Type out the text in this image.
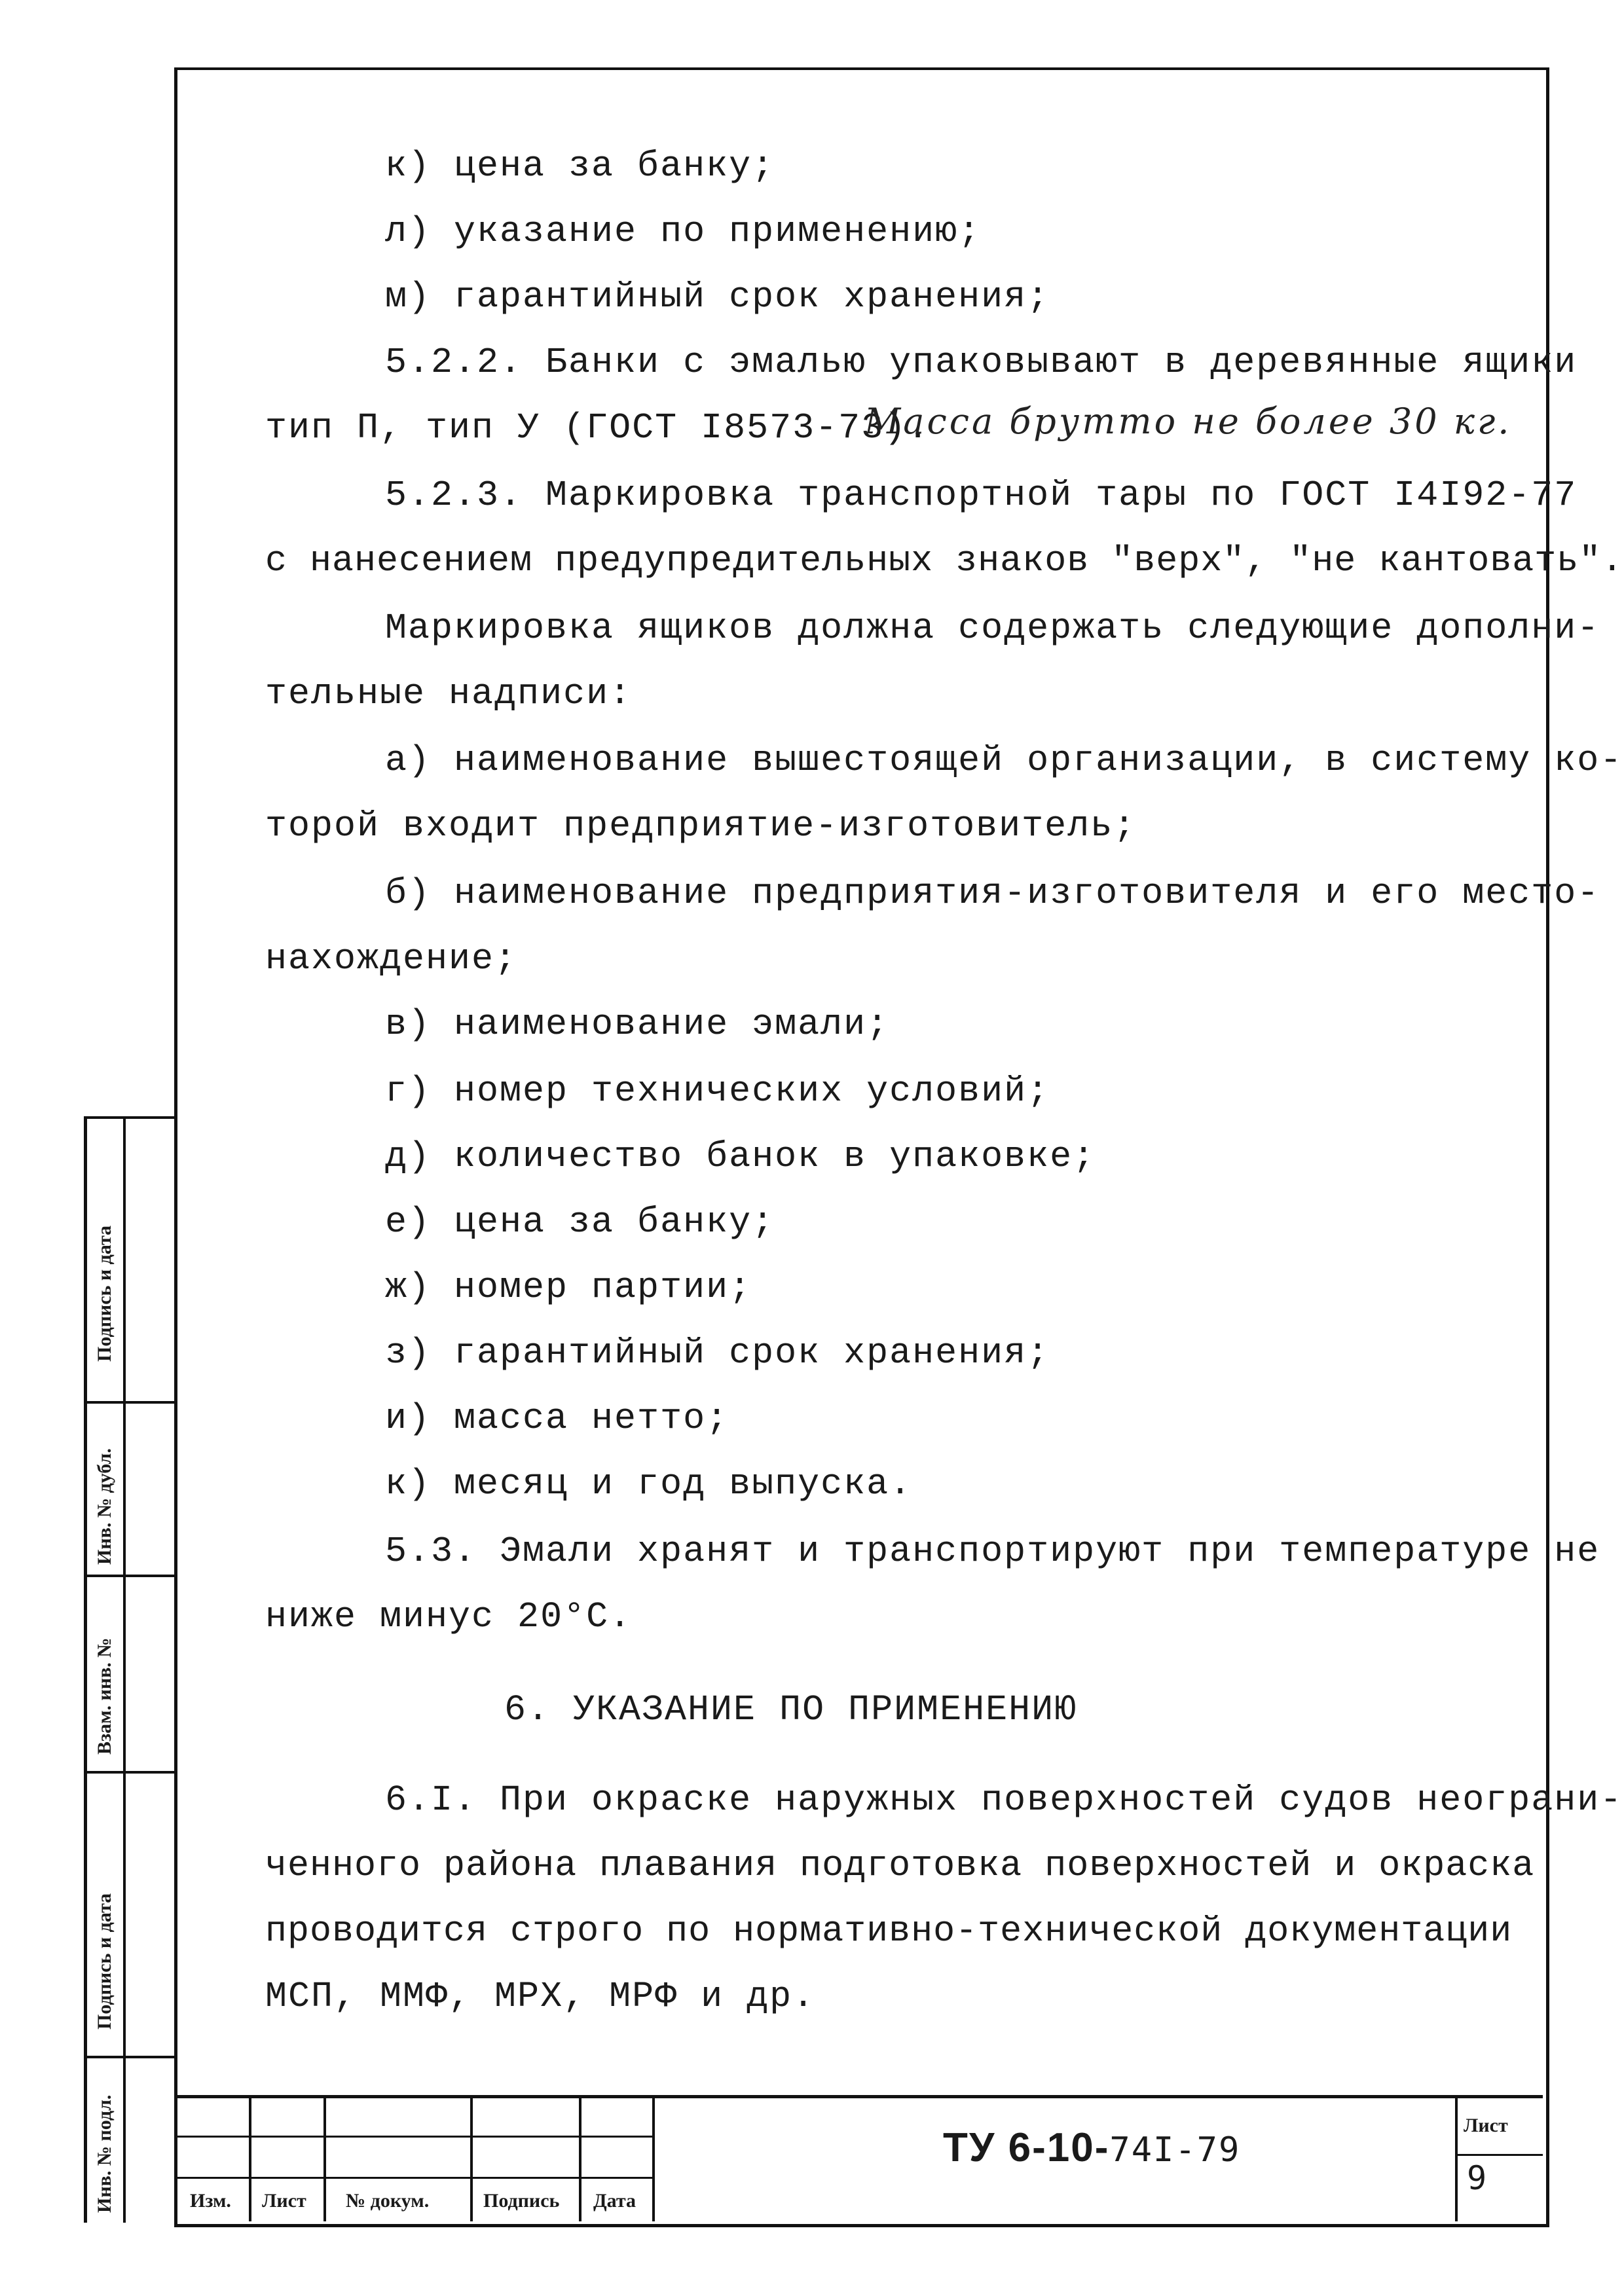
Подпись и дата
Инв. № дубл.
Взам. инв. №
Подпись и дата
Инв. № подл.
к) цена за банку;
л) указание по применению;
м) гарантийный срок хранения;
5.2.2. Банки с эмалью упаковывают в деревянные ящики
тип П, тип У (ГОСТ I8573-73).
Масса брутто не более 30 кг.
5.2.3. Маркировка транспортной тары по ГОСТ I4I92-77
с нанесением предупредительных знаков "верх", "не кантовать".
Маркировка ящиков должна содержать следующие дополни-
тельные надписи:
а) наименование вышестоящей организации, в систему ко-
торой входит предприятие-изготовитель;
б) наименование предприятия-изготовителя и его место-
нахождение;
в) наименование эмали;
г) номер технических условий;
д) количество банок в упаковке;
е) цена за банку;
ж) номер партии;
з) гарантийный срок хранения;
и) масса нетто;
к) месяц и год выпуска.
5.3. Эмали хранят и транспортируют при температуре не
ниже минус 20°С.
6. УКАЗАНИЕ ПО ПРИМЕНЕНИЮ
6.I. При окраске наружных поверхностей судов неограни-
ченного района плавания подготовка поверхностей и окраска
проводится строго по нормативно-технической документации
МСП, ММФ, МРХ, МРФ и др.
Изм. Лист № докум.	Подпись Дата
ТУ 6-10-74I-79
Лист
9
